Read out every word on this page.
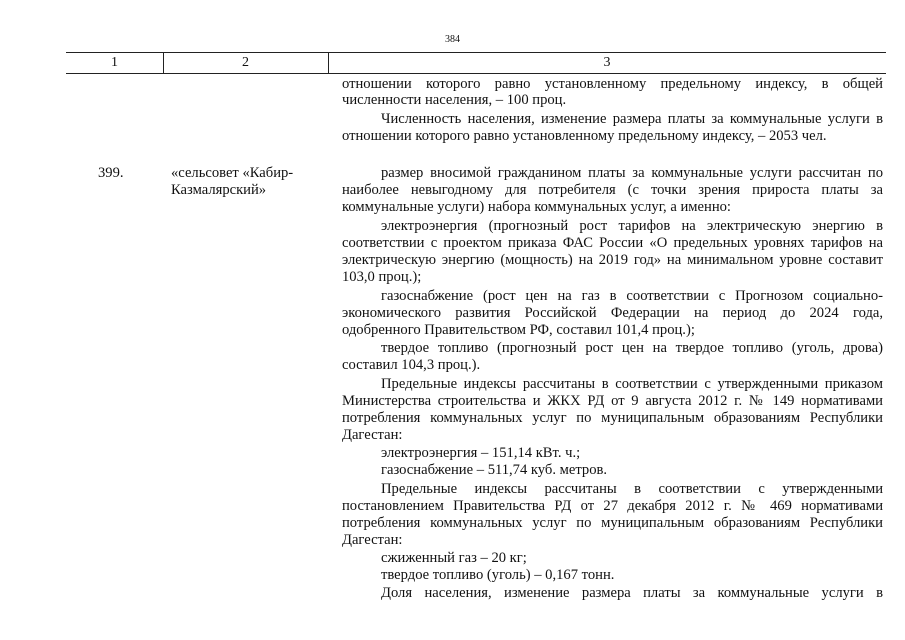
384
1	2	3
отношении которого равно установленному предельному индексу, в общей
численности населения, – 100 проц.
Численность населения, изменение размера платы за коммунальные услуги в
отношении которого равно установленному предельному индексу, – 2053 чел.
399.	«сельсовет «Кабир-
Казмалярский»
размер вносимой гражданином платы за коммунальные услуги рассчитан по
наиболее невыгодному для потребителя (с точки зрения прироста платы за
коммунальные услуги) набора коммунальных услуг, а именно:
электроэнергия (прогнозный рост тарифов на электрическую энергию в
соответствии с проектом приказа ФАС России «О предельных уровнях тарифов на
электрическую энергию (мощность) на 2019 год» на минимальном уровне составит
103,0 проц.);
газоснабжение (рост цен на газ в соответствии с Прогнозом социально-
экономического развития Российской Федерации на период до 2024 года,
одобренного Правительством РФ, составил 101,4 проц.);
твердое топливо (прогнозный рост цен на твердое топливо (уголь, дрова)
составил 104,3 проц.).
Предельные индексы рассчитаны в соответствии с утвержденными приказом
Министерства строительства и ЖКХ РД от 9 августа 2012 г. № 149 нормативами
потребления коммунальных услуг по муниципальным образованиям Республики
Дагестан:
электроэнергия – 151,14 кВт. ч.;
газоснабжение – 511,74 куб. метров.
Предельные индексы рассчитаны в соответствии с утвержденными
постановлением Правительства РД от 27 декабря 2012 г. № 469 нормативами
потребления коммунальных услуг по муниципальным образованиям Республики
Дагестан:
сжиженный газ – 20 кг;
твердое топливо (уголь) – 0,167 тонн.
Доля населения, изменение размера платы за коммунальные услуги в
